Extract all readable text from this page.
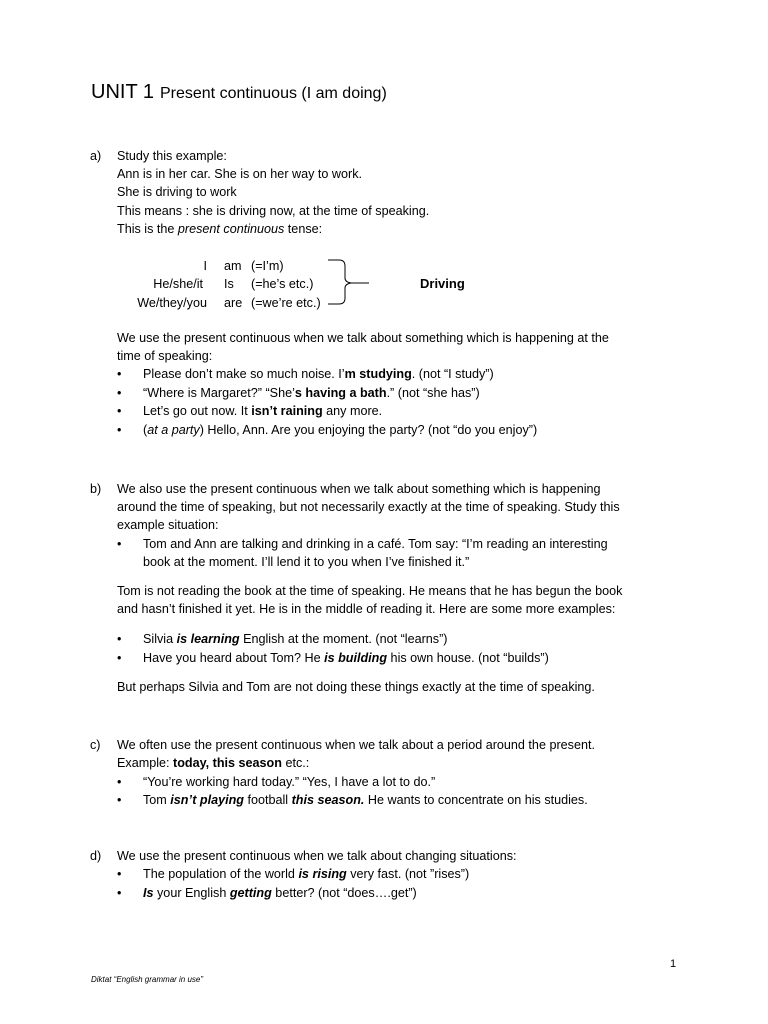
UNIT 1 Present continuous (I am doing)
a) Study this example:
Ann is in her car. She is on her way to work.
She is driving to work
This means : she is driving now, at the time of speaking.
This is the present continuous tense:
I am (=I’m)
He/she/it Is (=he’s etc.)
We/they/you are (=we’re etc.)
Driving
We use the present continuous when we talk about something which is happening at the
time of speaking:
• Please don’t make so much noise. I’m studying. (not “I study”)
• “Where is Margaret?” “She’s having a bath.” (not “she has”)
• Let’s go out now. It isn’t raining any more.
• (at a party) Hello, Ann. Are you enjoying the party? (not “do you enjoy”)
b) We also use the present continuous when we talk about something which is happening
around the time of speaking, but not necessarily exactly at the time of speaking. Study this
example situation:
• Tom and Ann are talking and drinking in a café. Tom say: “I’m reading an interesting
book at the moment. I’ll lend it to you when I’ve finished it.”
Tom is not reading the book at the time of speaking. He means that he has begun the book
and hasn’t finished it yet. He is in the middle of reading it. Here are some more examples:
• Silvia is learning English at the moment. (not “learns”)
• Have you heard about Tom? He is building his own house. (not “builds”)
But perhaps Silvia and Tom are not doing these things exactly at the time of speaking.
c) We often use the present continuous when we talk about a period around the present.
Example: today, this season etc.:
• “You’re working hard today.” “Yes, I have a lot to do.”
• Tom isn’t playing football this season. He wants to concentrate on his studies.
d) We use the present continuous when we talk about changing situations:
• The population of the world is rising very fast. (not ”rises”)
• Is your English getting better? (not “does….get”)
1
Diktat “English grammar in use”
